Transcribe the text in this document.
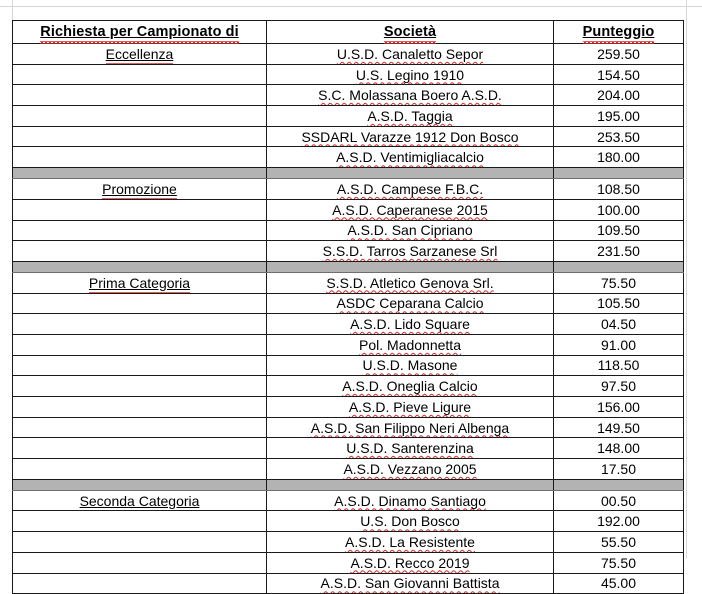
Richiesta per Campionato di	Società	Punteggio
Eccellenza	U.S.D. Canaletto Sepor	259.50
	U.S. Legino 1910	154.50
	S.C. Molassana Boero A.S.D.	204.00
	A.S.D. Taggia	195.00
	SSDARL Varazze 1912 Don Bosco	253.50
	A.S.D. Ventimigliacalcio	180.00

Promozione	A.S.D. Campese F.B.C.	108.50
	A.S.D. Caperanese 2015	100.00
	A.S.D. San Cipriano	109.50
	S.S.D. Tarros Sarzanese Srl	231.50

Prima Categoria	S.S.D. Atletico Genova Srl.	75.50
	ASDC Ceparana Calcio	105.50
	A.S.D. Lido Square	04.50
	Pol. Madonnetta	91.00
	U.S.D. Masone	118.50
	A.S.D. Oneglia Calcio	97.50
	A.S.D. Pieve Ligure	156.00
	A.S.D. San Filippo Neri Albenga	149.50
	U.S.D. Santerenzina	148.00
	A.S.D. Vezzano 2005	17.50

Seconda Categoria	A.S.D. Dinamo Santiago	00.50
	U.S. Don Bosco	192.00
	A.S.D. La Resistente	55.50
	A.S.D. Recco 2019	75.50
	A.S.D. San Giovanni Battista	45.00
